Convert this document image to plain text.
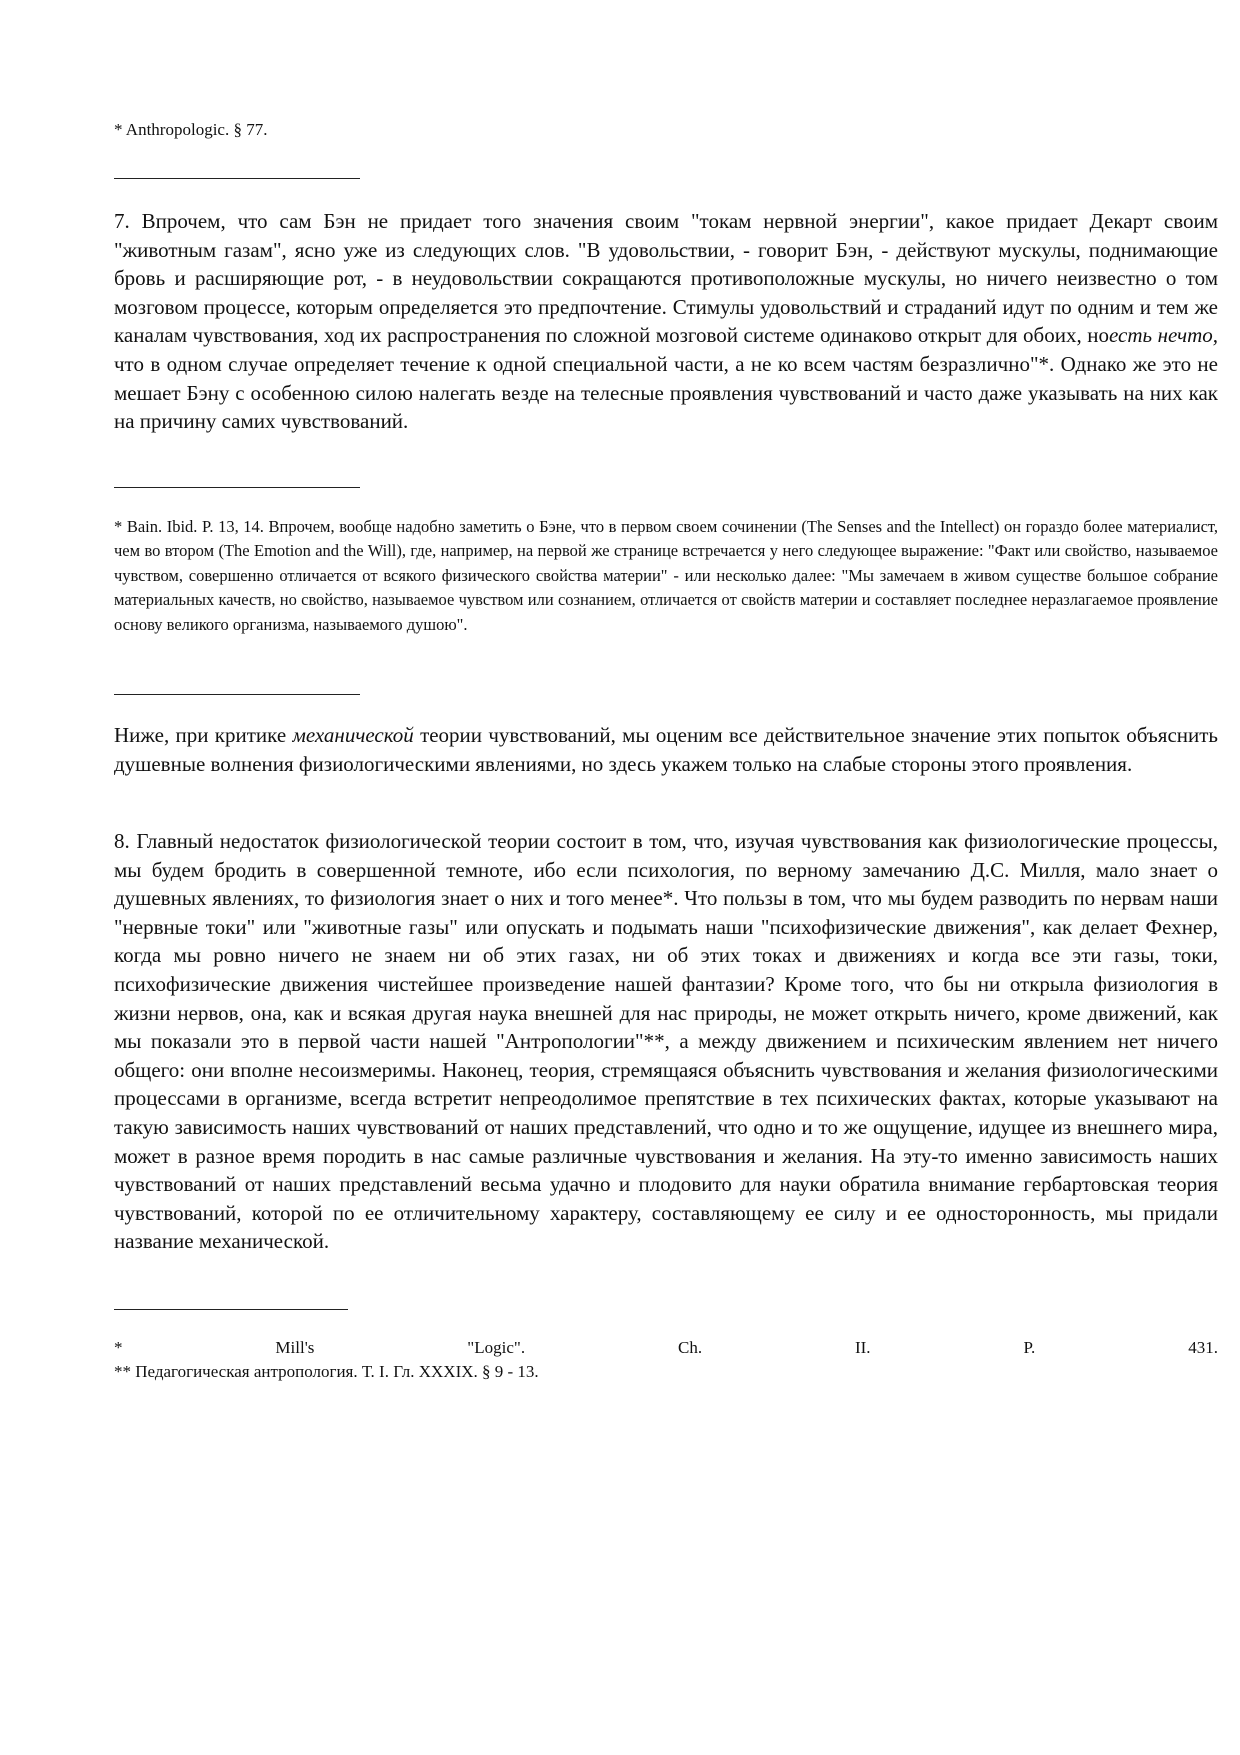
* Anthropologic. § 77.
7. Впрочем, что сам Бэн не придает того значения своим "токам нервной энергии", какое придает Декарт своим "животным газам", ясно уже из следующих слов. "В удовольствии, - говорит Бэн, - действуют мускулы, поднимающие бровь и расширяющие рот, - в неудовольствии сокращаются противоположные мускулы, но ничего неизвестно о том мозговом процессе, которым определяется это предпочтение. Стимулы удовольствий и страданий идут по одним и тем же каналам чувствования, ход их распространения по сложной мозговой системе одинаково открыт для обоих, ноесть нечто, что в одном случае определяет течение к одной специальной части, а не ко всем частям безразлично"*. Однако же это не мешает Бэну с особенною силою налегать везде на телесные проявления чувствований и часто даже указывать на них как на причину самих чувствований.
* Bain. Ibid. P. 13, 14. Впрочем, вообще надобно заметить о Бэне, что в первом своем сочинении (The Senses and the Intellect) он гораздо более материалист, чем во втором (The Emotion and the Will), где, например, на первой же странице встречается у него следующее выражение: "Факт или свойство, называемое чувством, совершенно отличается от всякого физического свойства материи" - или несколько далее: "Мы замечаем в живом существе большое собрание материальных качеств, но свойство, называемое чувством или сознанием, отличается от свойств материи и составляет последнее неразлагаемое проявление основу великого организма, называемого душою".
Ниже, при критике механической теории чувствований, мы оценим все действительное значение этих попыток объяснить душевные волнения физиологическими явлениями, но здесь укажем только на слабые стороны этого проявления.
8. Главный недостаток физиологической теории состоит в том, что, изучая чувствования как физиологические процессы, мы будем бродить в совершенной темноте, ибо если психология, по верному замечанию Д.С. Милля, мало знает о душевных явлениях, то физиология знает о них и того менее*. Что пользы в том, что мы будем разводить по нервам наши "нервные токи" или "животные газы" или опускать и подымать наши "психофизические движения", как делает Фехнер, когда мы ровно ничего не знаем ни об этих газах, ни об этих токах и движениях и когда все эти газы, токи, психофизические движения чистейшее произведение нашей фантазии? Кроме того, что бы ни открыла физиология в жизни нервов, она, как и всякая другая наука внешней для нас природы, не может открыть ничего, кроме движений, как мы показали это в первой части нашей "Антропологии"**, а между движением и психическим явлением нет ничего общего: они вполне несоизмеримы. Наконец, теория, стремящаяся объяснить чувствования и желания физиологическими процессами в организме, всегда встретит непреодолимое препятствие в тех психических фактах, которые указывают на такую зависимость наших чувствований от наших представлений, что одно и то же ощущение, идущее из внешнего мира, может в разное время породить в нас самые различные чувствования и желания. На эту-то именно зависимость наших чувствований от наших представлений весьма удачно и плодовито для науки обратила внимание гербартовская теория чувствований, которой по ее отличительному характеру, составляющему ее силу и ее односторонность, мы придали название механической.
*	Mill's	"Logic".	Ch.	II.	P.	431.
** Педагогическая антропология. Т. I. Гл. XXXIX. § 9 - 13.
